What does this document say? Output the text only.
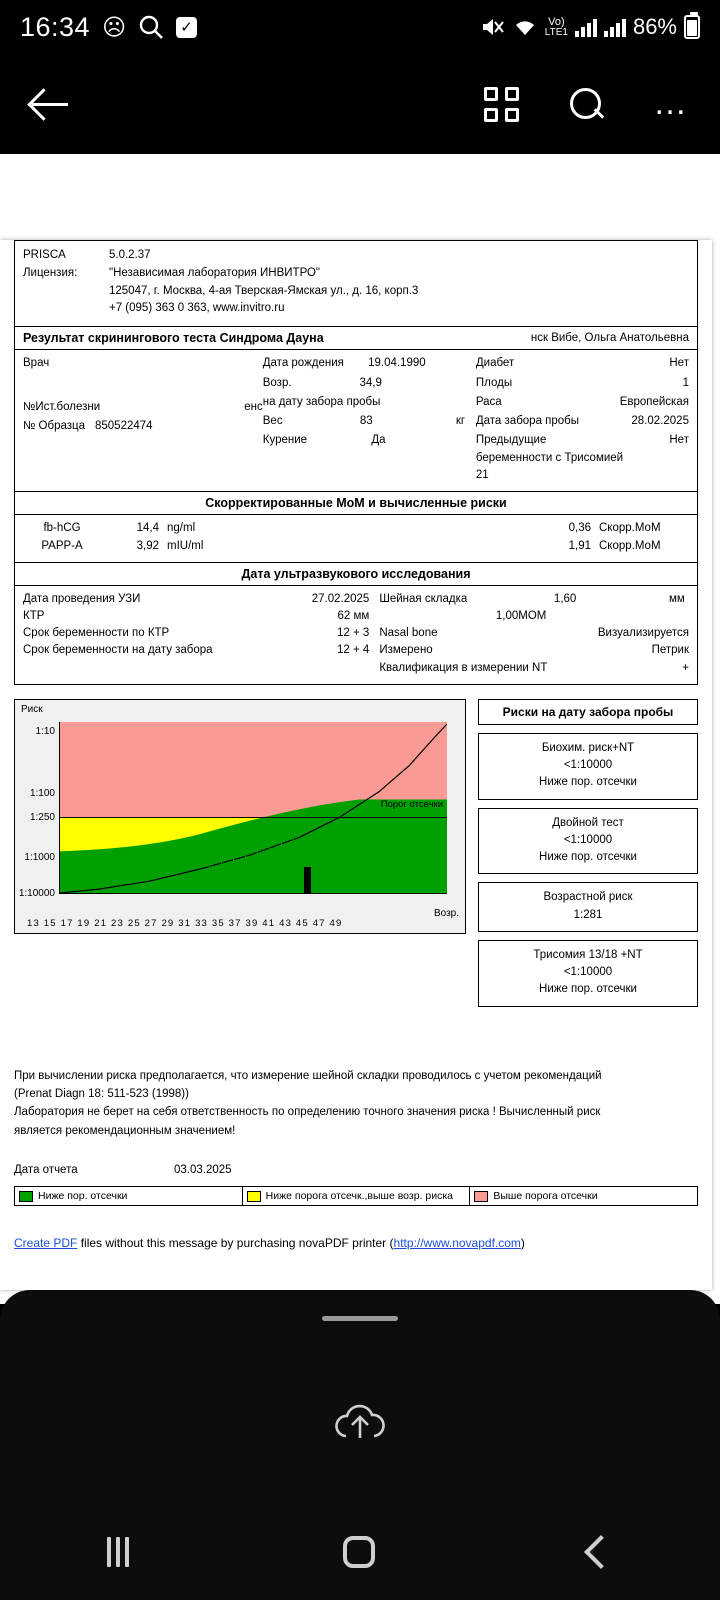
16:34 ☹	✓	Vo)
LTE1	86%
…
PRISCA	5.0.2.37
Лицензия:	"Независимая лаборатория ИНВИТРО"
125047, г. Москва, 4-ая Тверская-Ямская ул., д. 16, корп.3
+7 (095) 363 0 363, www.invitro.ru
Результат скринингового теста Синдрома Дауна	нск Вибе, Ольга Анатольевна
Врач
№Ист.болезни	енс
№ Образца 850522474
Дата рождения 19.04.1990
Возр.	34,9
на дату забора пробы
Вес	83	кг
Курение	Да
Диабет	Нет
Плоды	1
Раса	Европейская
Дата забора пробы	28.02.2025
Предыдущие беременности с Трисомией 21
Нет
Скорректированные МоМ и вычисленные риски
fb-hCG	14,4 ng/ml	0,36 Скорр.МоМ
PAPP-A	3,92 mIU/ml	1,91 Скорр.МоМ
Дата ультразвукового исследования
Дата проведения УЗИ	27.02.2025
КТР	62 мм
Срок беременности по КТР	12 + 3
Срок беременности на дату забора	12 + 4
Шейная складка	1,60	мм
1,00МОМ
Nasal bone	Визуализируется
Измерено	Петрик
Квалификация в измерении NT	+
Риск
1:10
1:100
1:250
1:1000
1:10000
Порог отсечки
13 15 17 19 21 23 25 27 29 31 33 35 37 39 41 43 45 47 49
Возр.
Риски на дату забора пробы
Биохим. риск+NT
<1:10000
Ниже пор. отсечки
Двойной тест
<1:10000
Ниже пор. отсечки
Возрастной риск
1:281
Трисомия 13/18 +NT
<1:10000
Ниже пор. отсечки
При вычислении риска предполагается, что измерение шейной складки проводилось с учетом рекомендаций
(Prenat Diagn 18: 511-523 (1998))
Лаборатория не берет на себя ответственность по определению точного значения риска ! Вычисленный риск
является рекомендационным значением!
Дата отчета	03.03.2025
Ниже пор. отсечки	Ниже порога отсечк.,выше возр. риска	Выше порога отсечки
Create PDF files without this message by purchasing novaPDF printer (http://www.novapdf.com)
